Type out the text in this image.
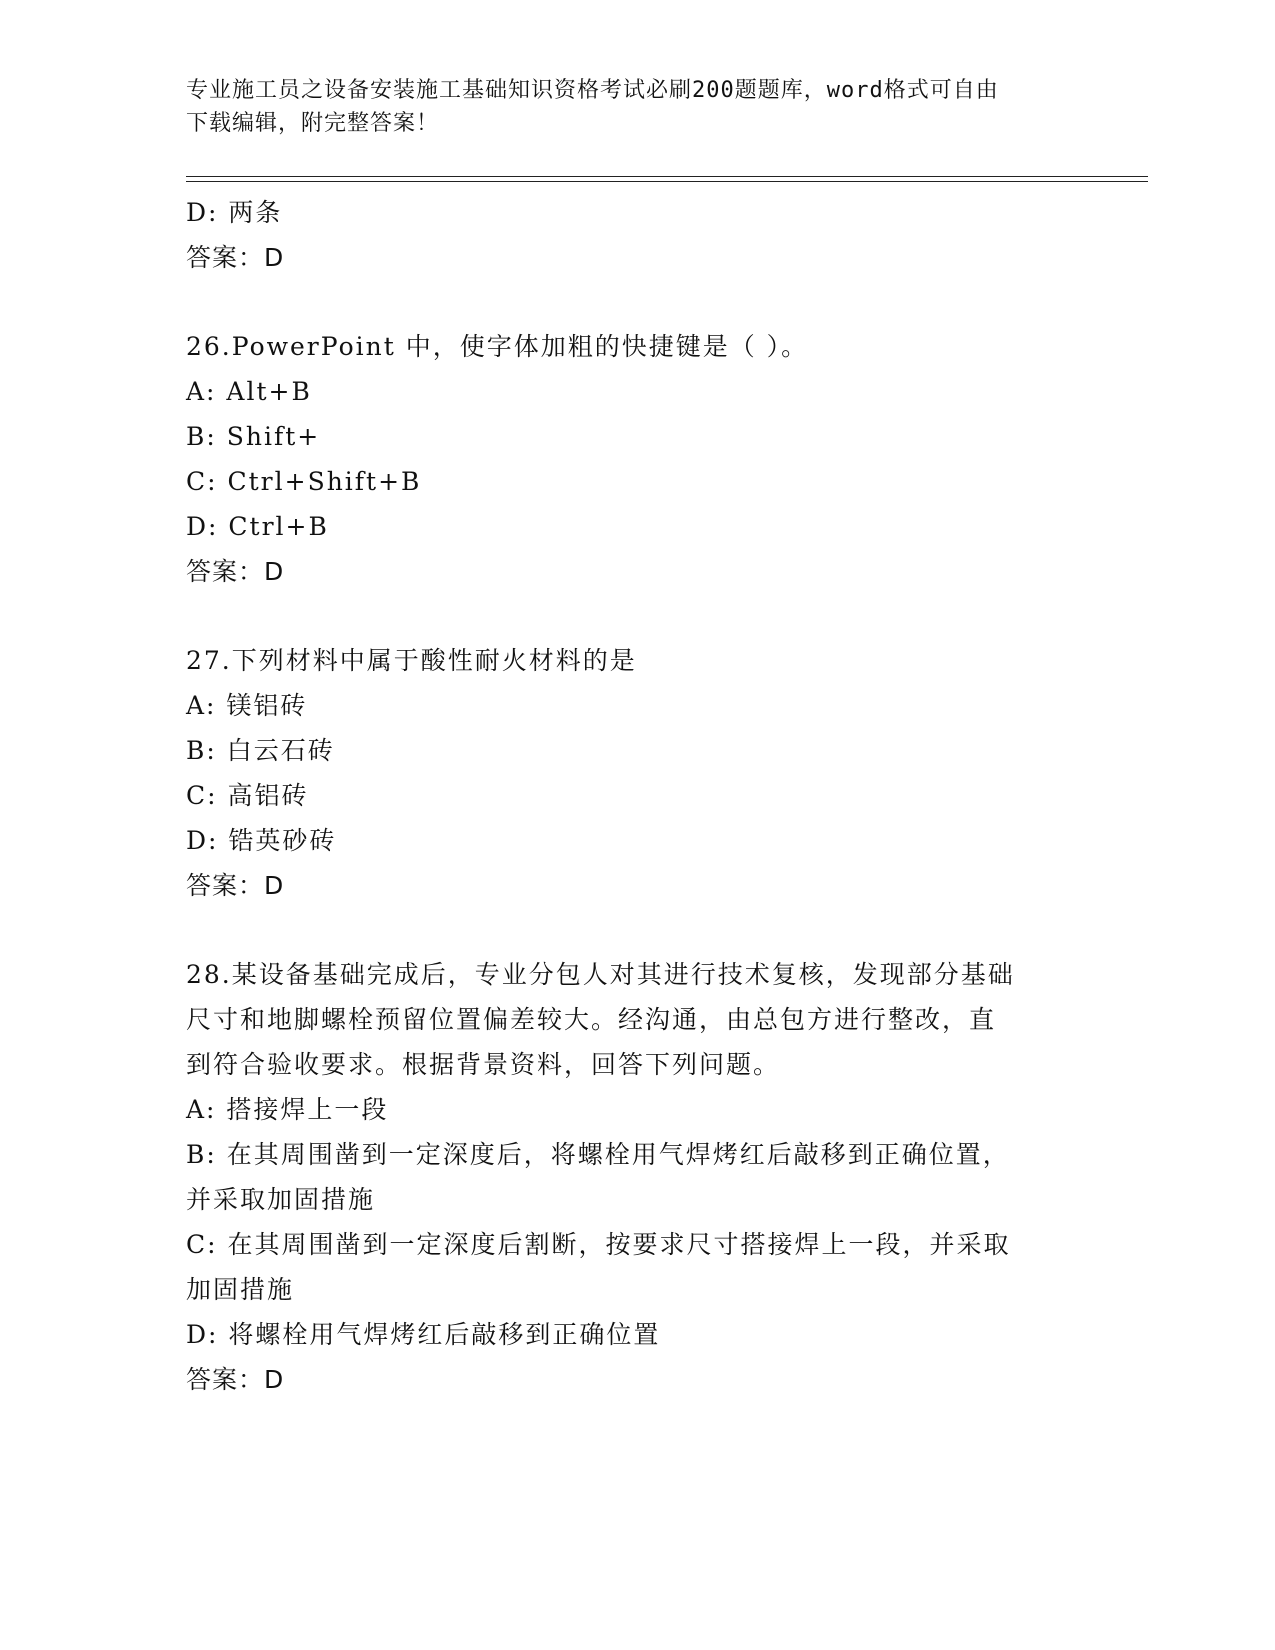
专业施工员之设备安装施工基础知识资格考试必刷200题题库，word格式可自由
下载编辑，附完整答案！
D: 两条
答案：D
26.PowerPoint 中，使字体加粗的快捷键是（ ）。
A: Alt+B
B: Shift+
C: Ctrl+Shift+B
D: Ctrl+B
答案：D
27.下列材料中属于酸性耐火材料的是
A: 镁铝砖
B: 白云石砖
C: 高铝砖
D: 锆英砂砖
答案：D
28.某设备基础完成后，专业分包人对其进行技术复核，发现部分基础
尺寸和地脚螺栓预留位置偏差较大。经沟通，由总包方进行整改，直
到符合验收要求。根据背景资料，回答下列问题。
A: 搭接焊上一段
B: 在其周围凿到一定深度后，将螺栓用气焊烤红后敲移到正确位置，
并采取加固措施
C: 在其周围凿到一定深度后割断，按要求尺寸搭接焊上一段，并采取
加固措施
D: 将螺栓用气焊烤红后敲移到正确位置
答案：D
